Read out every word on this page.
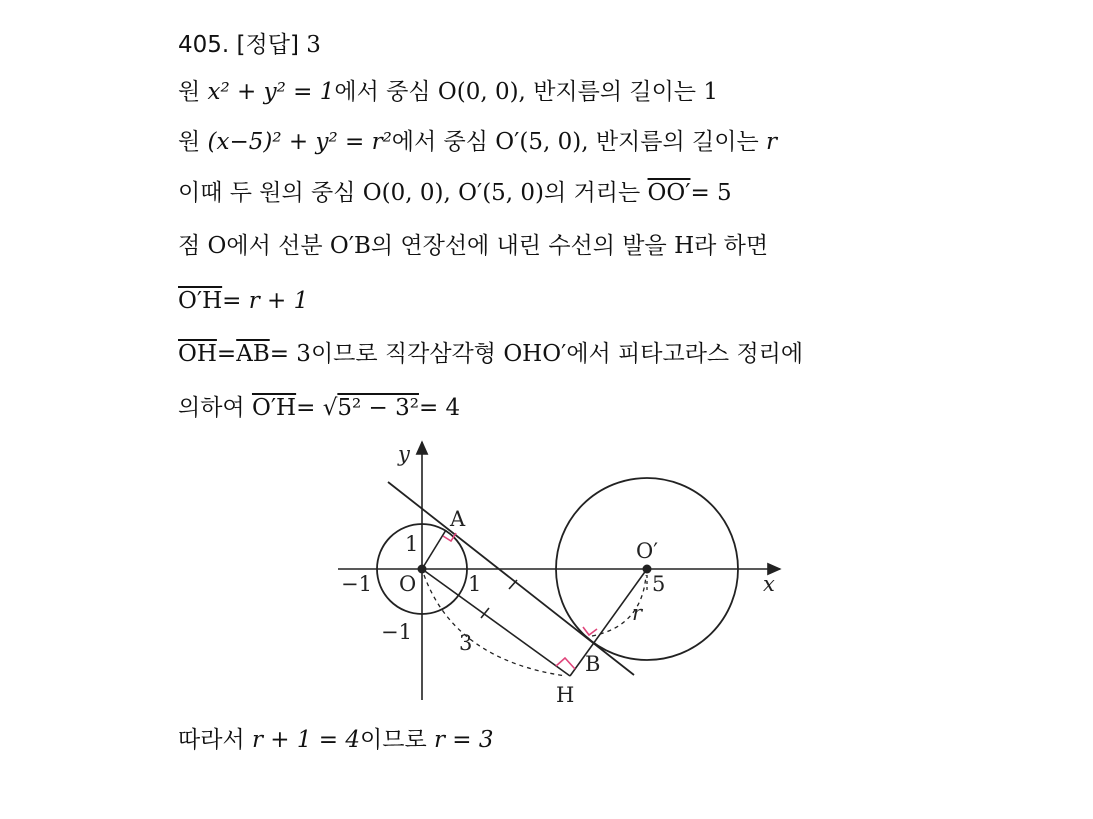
405. [정답] 3
원 x² + y² = 1에서 중심 O(0, 0), 반지름의 길이는 1
원 (x−5)² + y² = r²에서 중심 O′(5, 0), 반지름의 길이는 r
이때 두 원의 중심 O(0, 0), O′(5, 0)의 거리는 OO′= 5
점 O에서 선분 O′B의 연장선에 내린 수선의 발을 H라 하면
O′H= r + 1
$\overline{OH}=\overline{AB}= 3$이므로 직각삼각형 OHO′에서 피타고라스 정리에
의하여 O′H= √5² − 3²= 4
따라서 r + 1 = 4이므로 r = 3
y
x
A
B
H
O
O′
1
1
−1
−1
5
3
r
